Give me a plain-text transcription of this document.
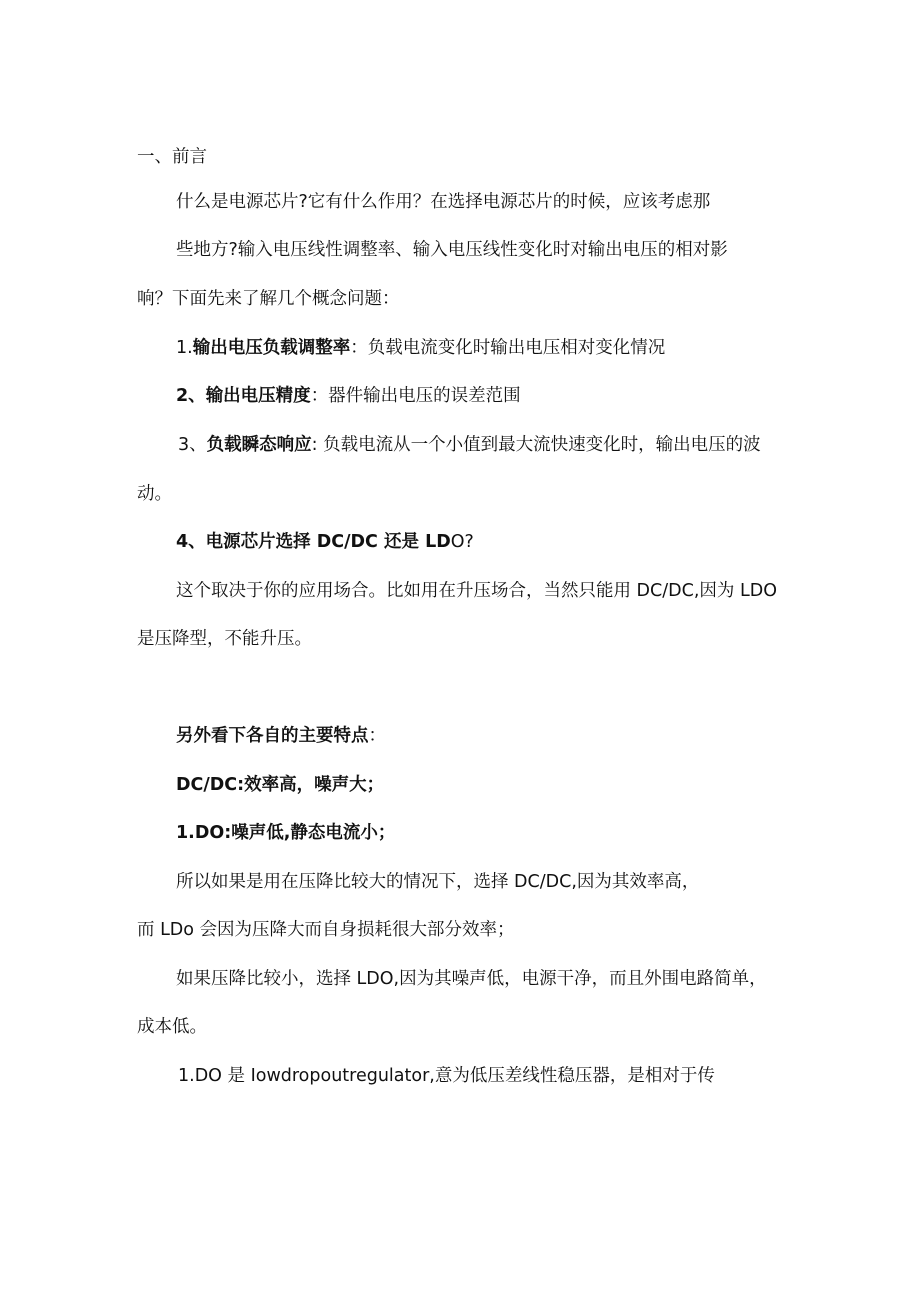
一、前言
什么是电源芯片?它有什么作用？在选择电源芯片的时候，应该考虑那
些地方?输入电压线性调整率、输入电压线性变化时对输出电压的相对影
响？下面先来了解几个概念问题：
1.输出电压负载调整率：负载电流变化时输出电压相对变化情况
2、输出电压精度：器件输出电压的误差范围
3、负载瞬态响应: 负载电流从一个小值到最大流快速变化时，输出电压的波
动。
4、电源芯片选择 DC/DC 还是 LDO?
这个取决于你的应用场合。比如用在升压场合，当然只能用 DC/DC,因为 LDO
是压降型，不能升压。
另外看下各自的主要特点：
DC/DC:效率高，噪声大；
1.DO:噪声低,静态电流小；
所以如果是用在压降比较大的情况下，选择 DC/DC,因为其效率高，
而 LDo 会因为压降大而自身损耗很大部分效率；
如果压降比较小，选择 LDO,因为其噪声低，电源干净，而且外围电路简单，
成本低。
1.DO 是 Iowdropoutregulator,意为低压差线性稳压器，是相对于传
